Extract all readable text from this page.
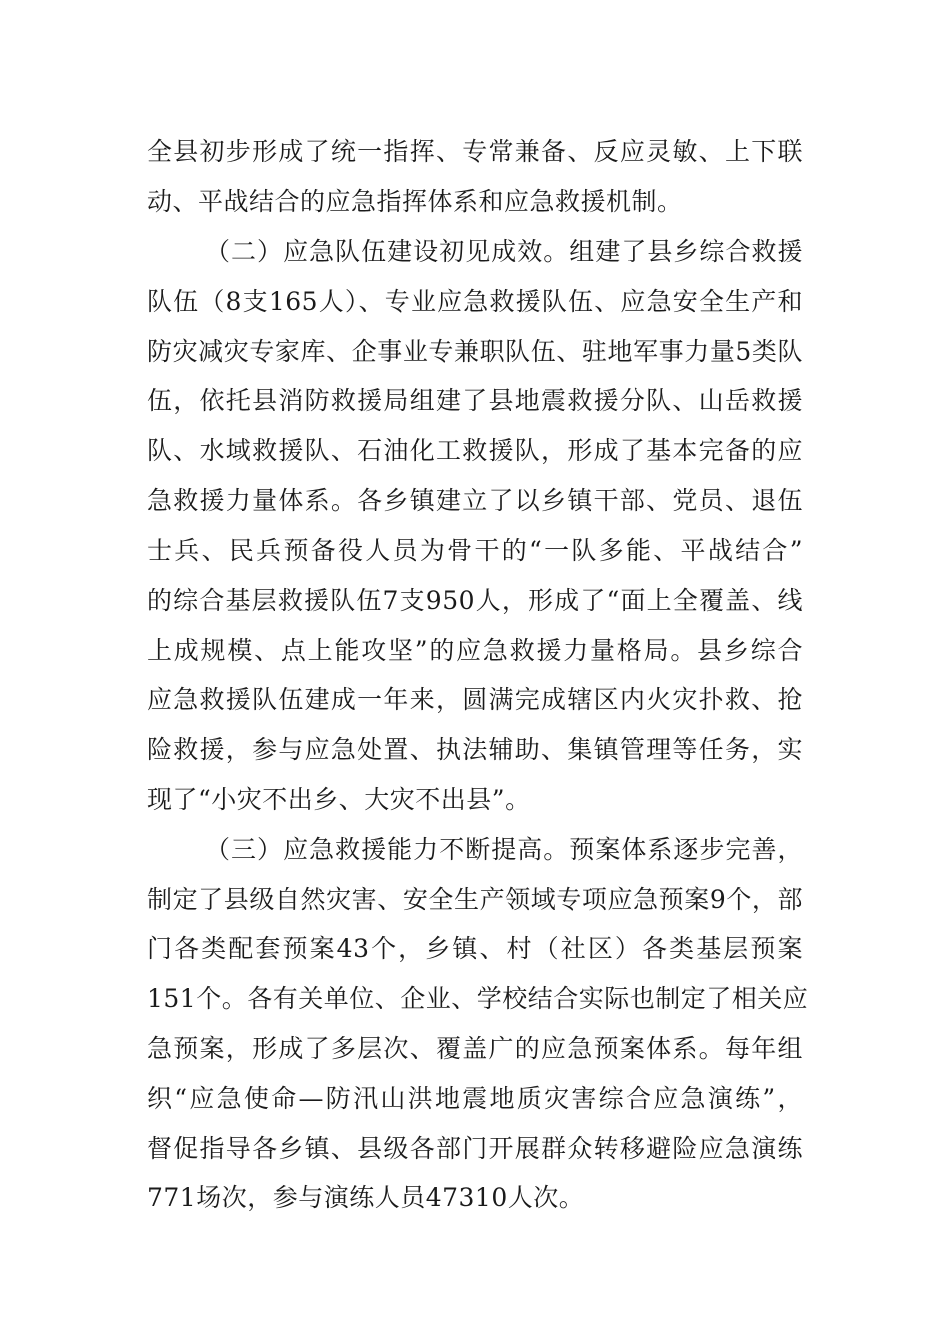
全县初步形成了统一指挥、专常兼备、反应灵敏、上下联

动、平战结合的应急指挥体系和应急救援机制。

（二）应急队伍建设初见成效。组建了县乡综合救援

队伍（8支165人）、专业应急救援队伍、应急安全生产和

防灾减灾专家库、企事业专兼职队伍、驻地军事力量5类队

伍，依托县消防救援局组建了县地震救援分队、山岳救援

队、水域救援队、石油化工救援队，形成了基本完备的应

急救援力量体系。各乡镇建立了以乡镇干部、党员、退伍

士兵、民兵预备役人员为骨干的“一队多能、平战结合”

的综合基层救援队伍7支950人，形成了“面上全覆盖、线

上成规模、点上能攻坚”的应急救援力量格局。县乡综合

应急救援队伍建成一年来，圆满完成辖区内火灾扑救、抢

险救援，参与应急处置、执法辅助、集镇管理等任务，实

现了“小灾不出乡、大灾不出县”。

（三）应急救援能力不断提高。预案体系逐步完善，

制定了县级自然灾害、安全生产领域专项应急预案9个，部

门各类配套预案43个，乡镇、村（社区）各类基层预案

151个。各有关单位、企业、学校结合实际也制定了相关应

急预案，形成了多层次、覆盖广的应急预案体系。每年组

织“应急使命—防汛山洪地震地质灾害综合应急演练”，

督促指导各乡镇、县级各部门开展群众转移避险应急演练

771场次，参与演练人员47310人次。
